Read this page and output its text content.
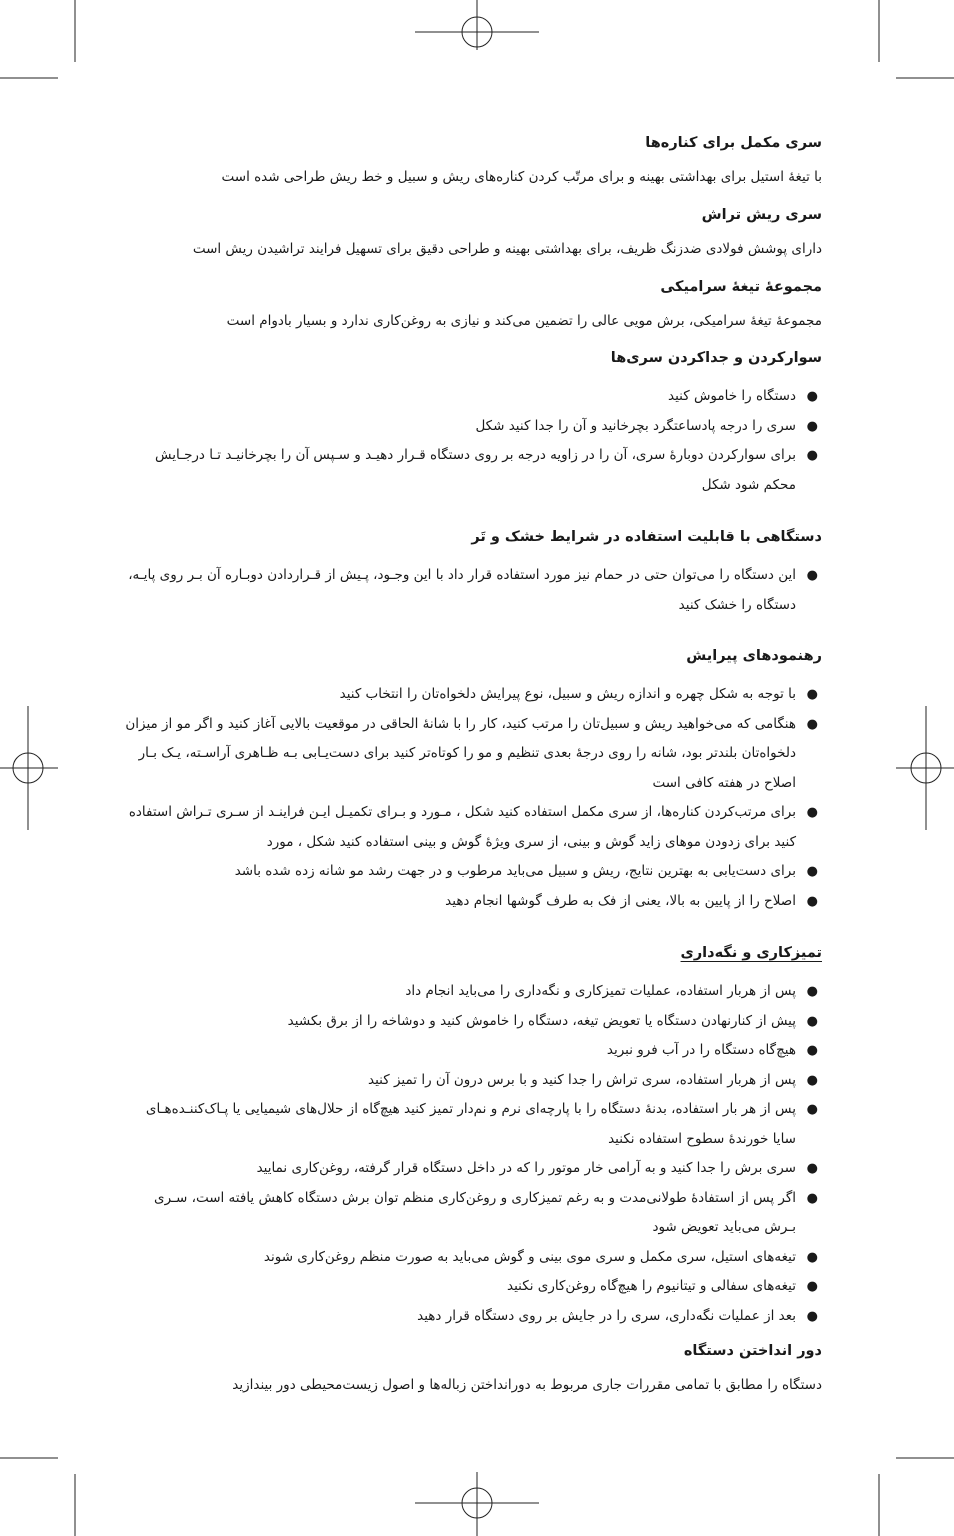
سری مکمل برای کناره‌ها

با تیغهٔ استیل برای بهداشتی بهینه و برای مرتّب کردن کناره‌های ریش و سبیل و خط ریش طراحی شده است

سری ریش تراش

دارای پوشش فولادی ضدزنگ ظریف، برای بهداشتی بهینه و طراحی دقیق برای تسهیل فرایند تراشیدن ریش است

مجموعهٔ تیغهٔ سرامیکی

مجموعهٔ تیغهٔ سرامیکی، برش مویی عالی را تضمین می‌کند و نیازی به روغن‌کاری ندارد و بسیار بادوام است

سوارکردن و جداکردن سری‌ها
●
دستگاه را خاموش کنید
●
سری را درجه پادساعتگرد بچرخانید و آن را جدا کنید شکل
●
برای سوارکردن دوبارهٔ سری، آن را در زاویه درجه بر روی دستگاه قـرار دهیـد و سـپس آن را بچرخانیـد تـا درجـایش محکم شود شکل
دستگاهی با قابلیت استفاده در شرایط خشک و تَر
●
این دستگاه را می‌توان حتی در حمام نیز مورد استفاده قرار داد با این وجـود، پـیش از قـراردادن دوبـاره آن بـر روی پایـه، دستگاه را خشک کنید
رهنمودهای پیرایش
●
با توجه به شکل چهره و اندازه ریش و سبیل، نوع پیرایش دلخواه‌تان را انتخاب کنید
●
هنگامی که می‌خواهید ریش و سبیل‌تان را مرتب کنید، کار را با شانهٔ الحاقی در موقعیت بالایی آغاز کنید و اگر مو از میزان دلخواه‌تان بلندتر بود، شانه را روی درجهٔ بعدی تنظیم و مو را کوتاه‌تر کنید برای دست‌یـابی بـه ظـاهری آراسـته، یـک بـار اصلاح در هفته کافی است
●
برای مرتب‌کردن کناره‌ها، از سری مکمل استفاده کنید شکل ، مـورد و بـرای تکمیـل ایـن فراینـد از سـری تـراش استفاده کنید برای زدودن موهای زاید گوش و بینی، از سری ویژهٔ گوش و بینی استفاده کنید شکل ، مورد
●
برای دست‌یابی به بهترین نتایج، ریش و سبیل می‌باید مرطوب و در جهت رشد مو شانه زده شده باشد
●
اصلاح را از پایین به بالا، یعنی از فک به طرف گوشها انجام دهید
تمیزکاری و نگه‌داری
●
پس از هربار استفاده، عملیات تمیزکاری و نگه‌داری را می‌باید انجام داد
●
پیش از کنارنهادن دستگاه یا تعویض تیغه، دستگاه را خاموش کنید و دوشاخه را از برق بکشید
●
هیچ‌گاه دستگاه را در آب فرو نبرید
●
پس از هربار استفاده، سری تراش را جدا کنید و با برس درون آن را تمیز کنید
●
پس از هر بار استفاده، بدنهٔ دستگاه را با پارچه‌ای نرم و نم‌دار تمیز کنید هیچ‌گاه از حلال‌های شیمیایی یا پـاک‌کننـده‌هـای سایا خورندهٔ سطوح استفاده نکنید
●
سری برش را جدا کنید و به آرامی خار موتور را که در داخل دستگاه قرار گرفته، روغن‌کاری نمایید
●
اگر پس از استفادهٔ طولانی‌مدت و به رغم تمیزکاری و روغن‌کاری منظم توان برش دستگاه کاهش یافته است، سـری بـرش می‌باید تعویض شود
●
تیغه‌های استیل، سری مکمل و سری موی بینی و گوش می‌باید به صورت منظم روغن‌کاری شوند
●
تیغه‌های سفالی و تیتانیوم را هیچ‌گاه روغن‌کاری نکنید
●
بعد از عملیات نگه‌داری، سری را در جایش بر روی دستگاه قرار دهید
دور انداختن دستگاه

دستگاه را مطابق با تمامی مقررات جاری مربوط به دورانداختن زباله‌ها و اصول زیست‌محیطی دور بیندازید
